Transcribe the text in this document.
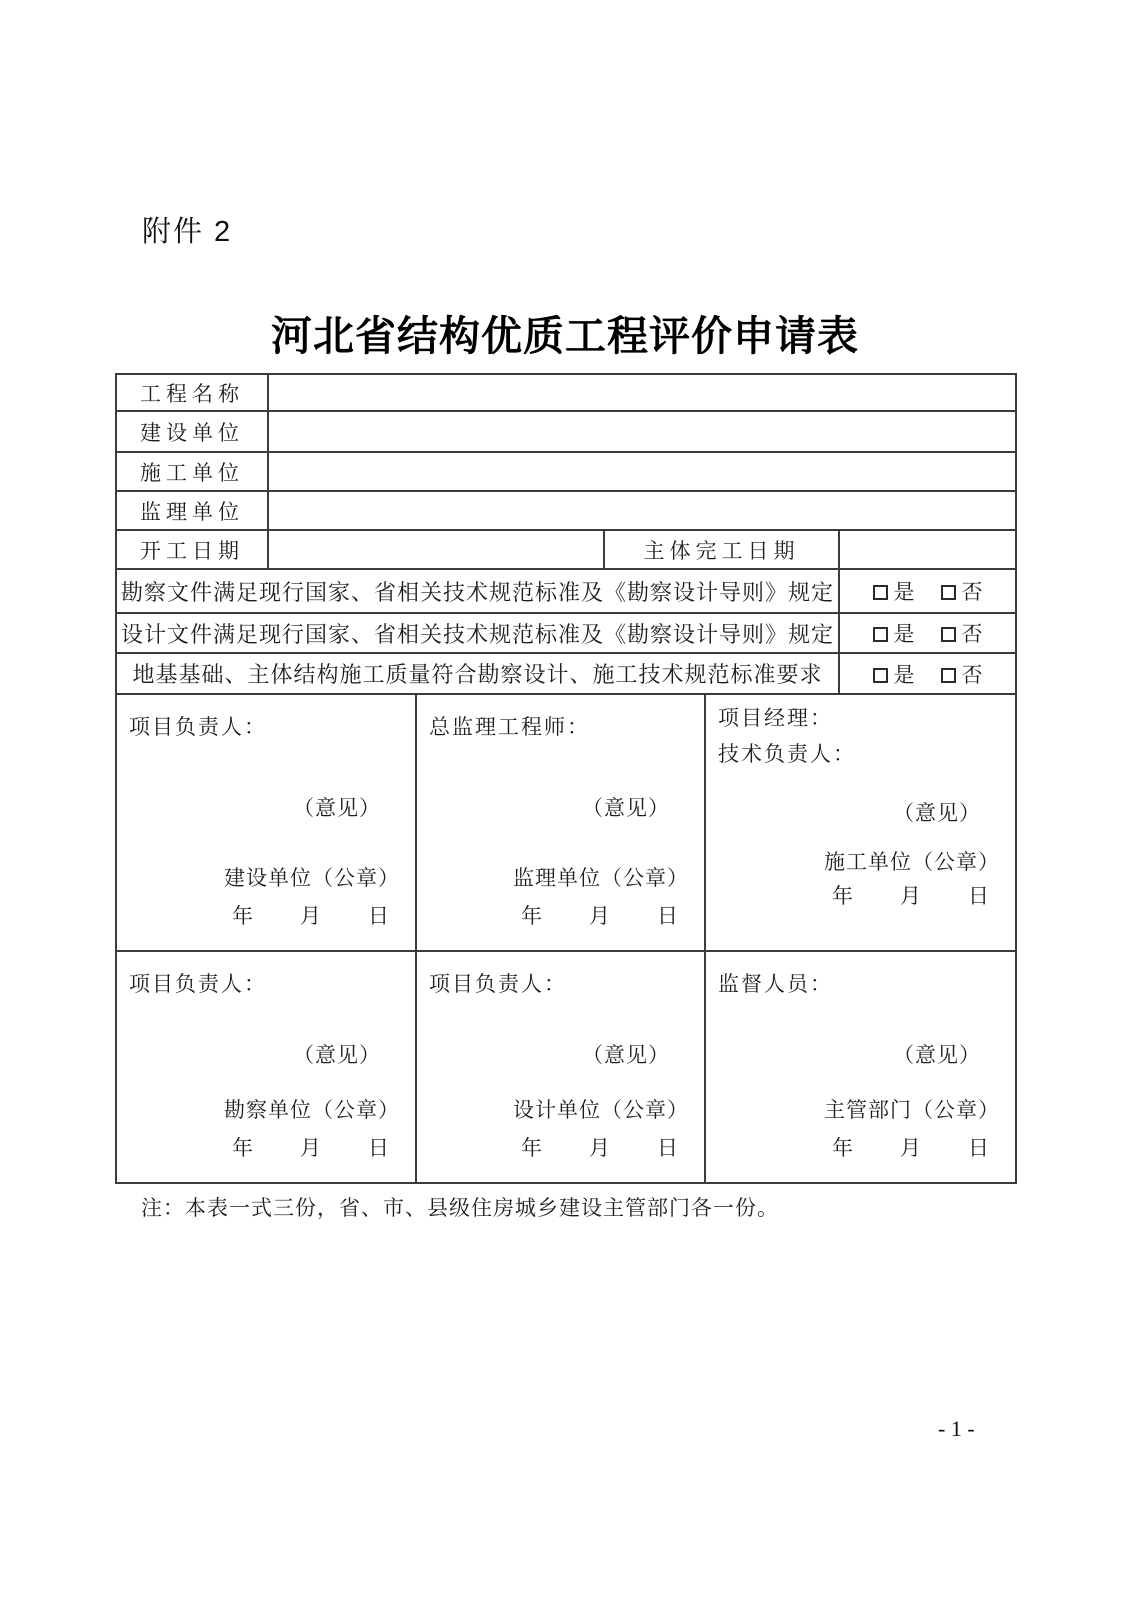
附件 2
河北省结构优质工程评价申请表
工程名称					
建设单位					
施工单位					
监理单位					
开工日期			主体完工日期		
勘察文件满足现行国家、省相关技术规范标准及《勘察设计导则》规定					是 否
设计文件满足现行国家、省相关技术规范标准及《勘察设计导则》规定					是 否
地基基础、主体结构施工质量符合勘察设计、施工技术规范标准要求					是 否

项目负责人：
（意见）
建设单位（公章）
年 月 日

总监理工程师：
（意见）
监理单位（公章）
年 月 日

项目经理：
技术负责人：
（意见）
施工单位（公章）
年 月 日

项目负责人：
（意见）
勘察单位（公章）
年 月 日

项目负责人：
（意见）
设计单位（公章）
年 月 日

监督人员：
（意见）
主管部门（公章）
年 月 日
注：本表一式三份，省、市、县级住房城乡建设主管部门各一份。
- 1 -
